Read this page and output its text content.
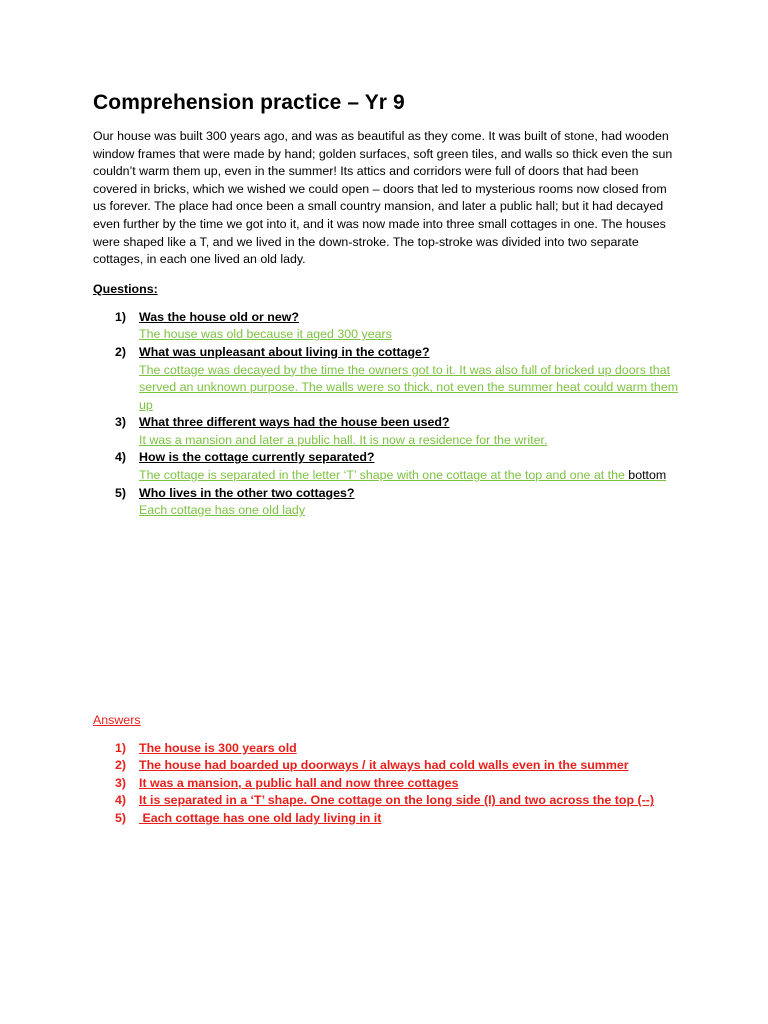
Comprehension practice – Yr 9

Our house was built 300 years ago, and was as beautiful as they come. It was built of stone, had wooden window frames that were made by hand; golden surfaces, soft green tiles, and walls so thick even the sun couldn’t warm them up, even in the summer! Its attics and corridors were full of doors that had been covered in bricks, which we wished we could open – doors that led to mysterious rooms now closed from us forever. The place had once been a small country mansion, and later a public hall; but it had decayed even further by the time we got into it, and it was now made into three small cottages in one. The houses were shaped like a T, and we lived in the down-stroke. The top-stroke was divided into two separate cottages, in each one lived an old lady.

Questions:
1) Was the house old or new?
The house was old because it aged 300 years
2) What was unpleasant about living in the cottage?
The cottage was decayed by the time the owners got to it. It was also full of bricked up doors that served an unknown purpose. The walls were so thick, not even the summer heat could warm them up
3) What three different ways had the house been used?
It was a mansion and later a public hall. It is now a residence for the writer.
4) How is the cottage currently separated?
The cottage is separated in the letter ‘T’ shape with one cottage at the top and one at the bottom
5) Who lives in the other two cottages?
Each cottage has one old lady
Answers
1) The house is 300 years old
2) The house had boarded up doorways / it always had cold walls even in the summer
3) It was a mansion, a public hall and now three cottages
4) It is separated in a ‘T’ shape. One cottage on the long side (I) and two across the top (--)
5) Each cottage has one old lady living in it
